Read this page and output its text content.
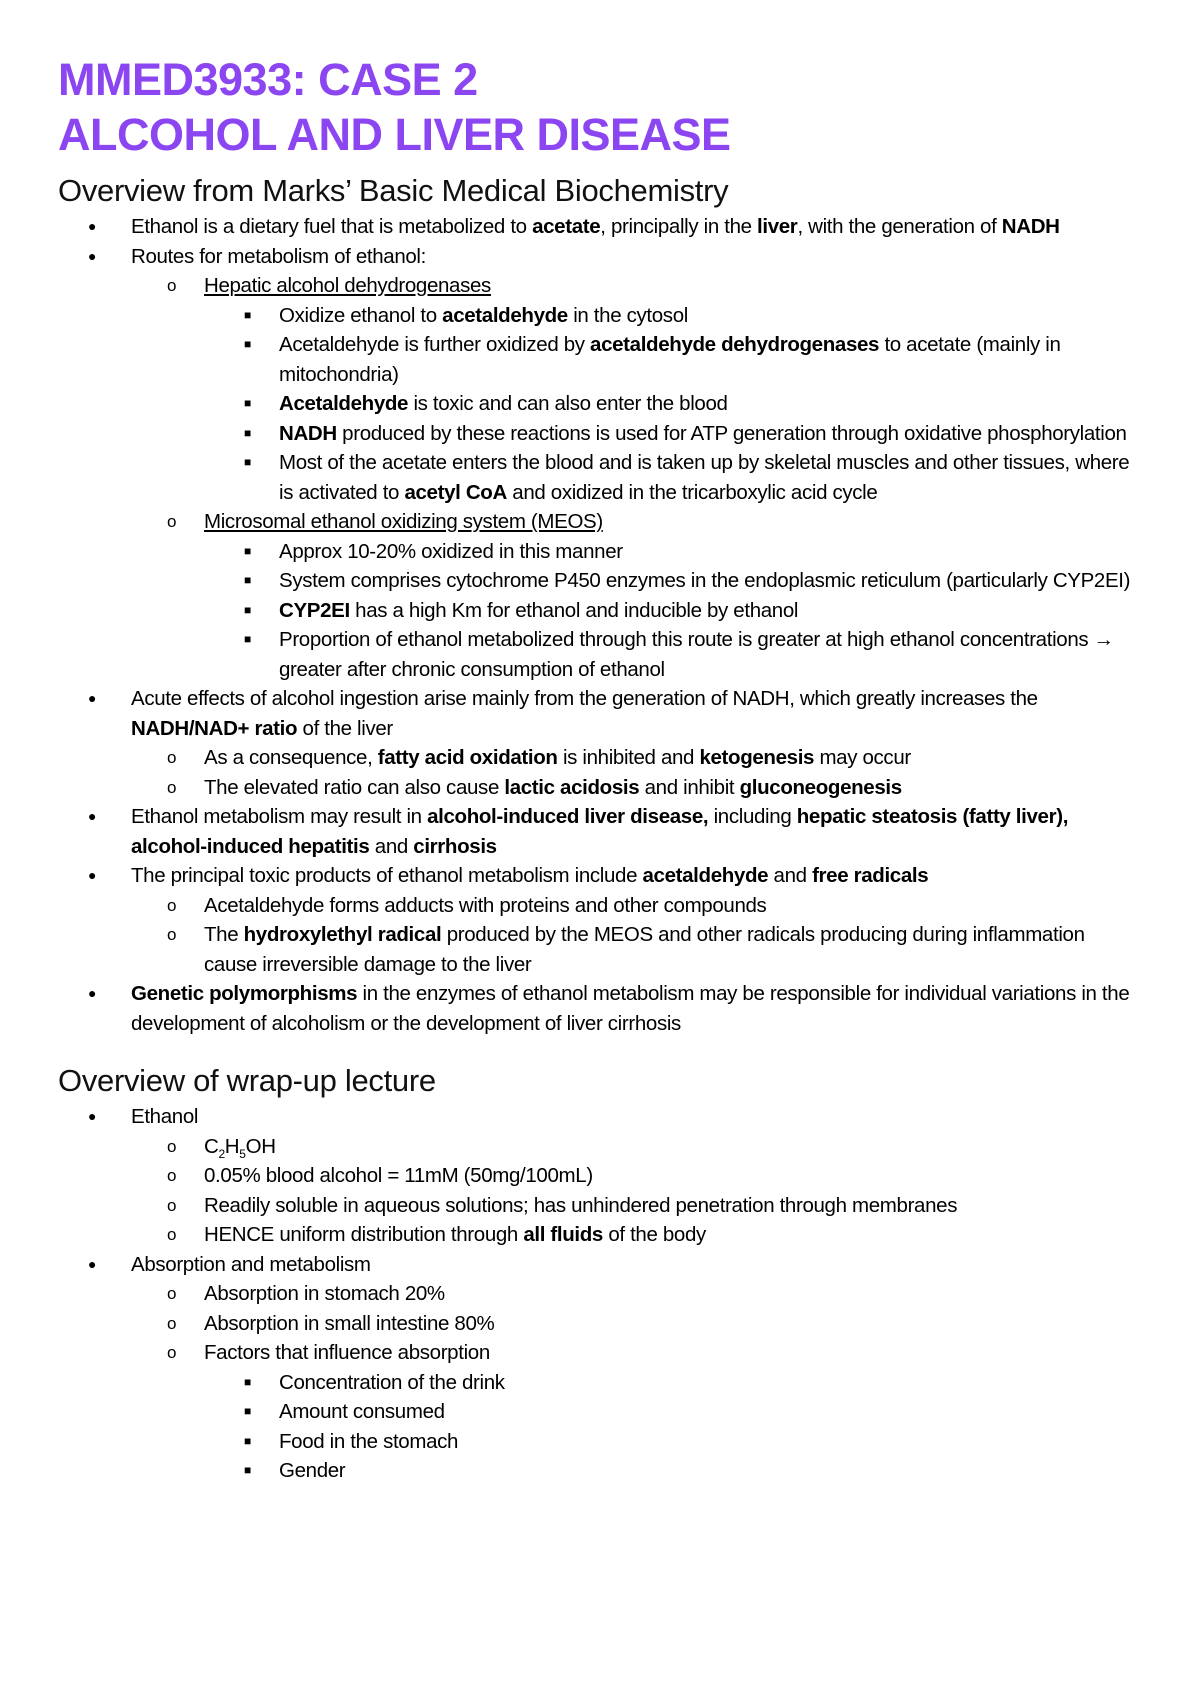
MMED3933: CASE 2
ALCOHOL AND LIVER DISEASE
Overview from Marks’ Basic Medical Biochemistry
● Ethanol is a dietary fuel that is metabolized to acetate, principally in the liver, with the generation of NADH
● Routes for metabolism of ethanol:
o Hepatic alcohol dehydrogenases
■ Oxidize ethanol to acetaldehyde in the cytosol
■ Acetaldehyde is further oxidized by acetaldehyde dehydrogenases to acetate (mainly in mitochondria)
■ Acetaldehyde is toxic and can also enter the blood
■ NADH produced by these reactions is used for ATP generation through oxidative phosphorylation
■ Most of the acetate enters the blood and is taken up by skeletal muscles and other tissues, where is activated to acetyl CoA and oxidized in the tricarboxylic acid cycle
o Microsomal ethanol oxidizing system (MEOS)
■ Approx 10-20% oxidized in this manner
■ System comprises cytochrome P450 enzymes in the endoplasmic reticulum (particularly CYP2EI)
■ CYP2EI has a high Km for ethanol and inducible by ethanol
■ Proportion of ethanol metabolized through this route is greater at high ethanol concentrations → greater after chronic consumption of ethanol
● Acute effects of alcohol ingestion arise mainly from the generation of NADH, which greatly increases the NADH/NAD+ ratio of the liver
o As a consequence, fatty acid oxidation is inhibited and ketogenesis may occur
o The elevated ratio can also cause lactic acidosis and inhibit gluconeogenesis
● Ethanol metabolism may result in alcohol-induced liver disease, including hepatic steatosis (fatty liver), alcohol-induced hepatitis and cirrhosis
● The principal toxic products of ethanol metabolism include acetaldehyde and free radicals
o Acetaldehyde forms adducts with proteins and other compounds
o The hydroxylethyl radical produced by the MEOS and other radicals producing during inflammation cause irreversible damage to the liver
● Genetic polymorphisms in the enzymes of ethanol metabolism may be responsible for individual variations in the development of alcoholism or the development of liver cirrhosis
Overview of wrap-up lecture
● Ethanol
o $C_2H_5OH$
o 0.05% blood alcohol = 11mM (50mg/100mL)
o Readily soluble in aqueous solutions; has unhindered penetration through membranes
o HENCE uniform distribution through all fluids of the body
● Absorption and metabolism
o Absorption in stomach 20%
o Absorption in small intestine 80%
o Factors that influence absorption
■ Concentration of the drink
■ Amount consumed
■ Food in the stomach
■ Gender
